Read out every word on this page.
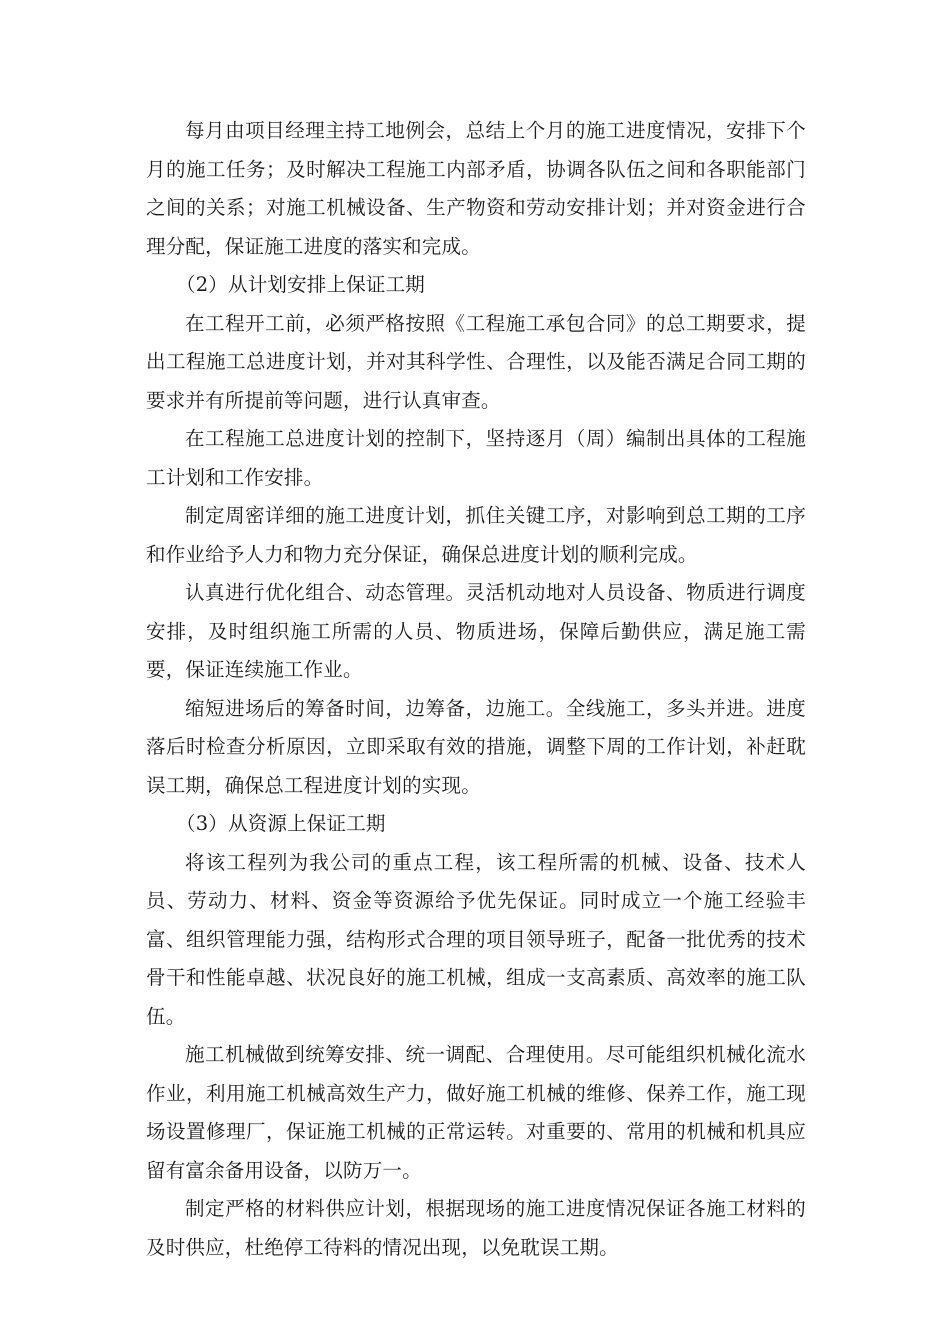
每月由项目经理主持工地例会，总结上个月的施工进度情况，安排下个月的施工任务；及时解决工程施工内部矛盾，协调各队伍之间和各职能部门之间的关系；对施工机械设备、生产物资和劳动安排计划；并对资金进行合理分配，保证施工进度的落实和完成。

（2）从计划安排上保证工期

在工程开工前，必须严格按照《工程施工承包合同》的总工期要求，提出工程施工总进度计划，并对其科学性、合理性，以及能否满足合同工期的要求并有所提前等问题，进行认真审查。

在工程施工总进度计划的控制下，坚持逐月（周）编制出具体的工程施工计划和工作安排。

制定周密详细的施工进度计划，抓住关键工序，对影响到总工期的工序和作业给予人力和物力充分保证，确保总进度计划的顺利完成。

认真进行优化组合、动态管理。灵活机动地对人员设备、物质进行调度安排，及时组织施工所需的人员、物质进场，保障后勤供应，满足施工需要，保证连续施工作业。

缩短进场后的筹备时间，边筹备，边施工。全线施工，多头并进。进度落后时检查分析原因，立即采取有效的措施，调整下周的工作计划，补赶耽误工期，确保总工程进度计划的实现。

（3）从资源上保证工期

将该工程列为我公司的重点工程，该工程所需的机械、设备、技术人员、劳动力、材料、资金等资源给予优先保证。同时成立一个施工经验丰富、组织管理能力强，结构形式合理的项目领导班子，配备一批优秀的技术骨干和性能卓越、状况良好的施工机械，组成一支高素质、高效率的施工队伍。

施工机械做到统筹安排、统一调配、合理使用。尽可能组织机械化流水作业，利用施工机械高效生产力，做好施工机械的维修、保养工作，施工现场设置修理厂，保证施工机械的正常运转。对重要的、常用的机械和机具应留有富余备用设备，以防万一。

制定严格的材料供应计划，根据现场的施工进度情况保证各施工材料的及时供应，杜绝停工待料的情况出现，以免耽误工期。
